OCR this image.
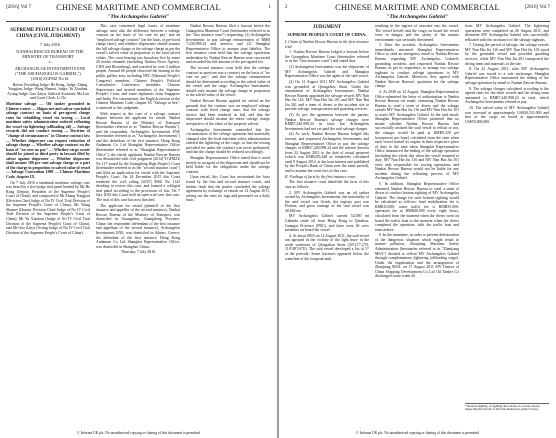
[2016] Vol 7	CHINESE MARITIME AND COMMERCIAL	1
"The Archangelos Gabriel"
SUPREME PEOPLE'S COURT OF CHINA (CIVIL JUDGMENT)

7 July 2016

NANHAI RESCUE BUREAU OF THE MINISTRY OF TRANSPORT

v.

ARCHANGELOS INVESTMENTS ENE ("THE ARCHANGELOS GABRIEL")

[2016] ZGFMZ No 61

Before Presiding Judge: He Rong, Judge: Zhang Yongjian, Judge: Wang Shumei, Judge: Yu Xiaohan, Acting Judge: Guo Zaiyu, Judicial Assistant: Ma Lan and Court Clerk: Li Na

Maritime salvage — Oil tanker grounded in Chinese waters — Shipowner and salvor concluded salvage contract on basis of pre-agreed charge rates for rebuilding vessel via towing — Local maritime safety administration ordered refloating the vessel via lightering (offloading oil) — Salvage rewards did not conduct towing — Doctrine of "change of circumstances" in Chinese contract law — Whether shipowner can request reduction of salvage charge — Whether salvage contract on the basis of "no cure no pay" — Whether cargo owner should be joined as third party in lawsuit filed by salvor against shipowner — Whether shipowner shall assume 100 per cent salvage charge or a part of the charge in proportion to salved value of vessel — Salvage Convention 1989 — Chinese Maritime Code, chapter IX.

On 7 July 2016 a landmark maritime salvage case was heard by a five-judge trial panel headed by Mr He Rong (Deputy President of the Supreme People's Court of China), and composed of Mr Zhang Yongjian (Division Chief Judge of No IV Civil Trial Division of the Supreme People's Court of China), Ms Wang Shumei (Deputy Division Chief Judge of No IV Civil Trial Division of the Supreme People's Court of China), Mr Yu Xiaohan (Judge of No IV Civil Trial Division of the Supreme People's Court of China), and Mr Guo Zaiyu (Acting Judge of No IV Civil Trial Division of the Supreme People's Court of China).

This case concerned legal issues of maritime salvage, inter alia, the difference between a salvage contract on the basis of "no cure no pay" and an "employed salvage contract" (on the basis of pre-fixed charge rates), and whether shipowners should assume the full salvage charge or the salvage charge as per the vessel's salved value in proportion to the total salved values. The court hearing was broadcast live by some 20 media channels (including Xinhua News Agency, CNN and Bloomberg), and watched by over 2 million people. Around 60 people observed the hearing in the public gallery area, including NPC (National People's Congress) members, Chinese People's Political Consultative Conference members, Chinese Supervisors and invited members of the Supreme People's Court, and some diplomats from Singapore and India. For convenience, the English version of the Chinese Maritime Code, chapter IX "Salvage at Sea", is annexed to this judgment.

With respect to the case of a salvage contract dispute between the applicant for retrial, Nanhai Rescue Bureau of the Ministry of Transport (hereinafter referred to as "Nanhai Rescue Bureau"), and the respondent, Archangelos Investments ENE (hereinafter referred to as "Archangelos Investments") and the defendant of the first instance, Hong Kong Andaman Co Ltd Shanghai Representative Office (hereinafter referred to as "Shanghai Representative Office"), the retrial applicant Nanhai Rescue Bureau was dissatisfied with civil judgment [2014] YGFMZZ No 117 issued by the Guangdong High People's Court (hereinafter referred to as the "second instance court") and filed an application for retrial with the Supreme People's Court. On 24 December 2015 this Court rendered the civil ruling [2015] MSZ No 1142 deciding to review this case, and formed a collegial trial panel according to the provisions of law. On 7 July 2016 this Court held an open trial over this case. The trial of this case has now finished.

The applicant for retrial (plaintiff of the first instance and appellee of the second instance), Nanhai Rescue Bureau of the Ministry of Transport, was domiciled in Guangzhou, Guangdong Province, China; the respondent (defendant of the first instance and appellant of the second instance), Archangelos Investments ENE, was domiciled in Athens, Greece; the defendant of the first instance, Hong Kong Andaman Co Ltd Shanghai Representative Office, was domiciled in Shanghai, China.

Thursday, 7 July 2016

Nanhai Rescue Bureau filed a lawsuit before the Guangzhou Maritime Court (hereinafter referred to as the "first instance court") requesting: (1) Archangelos Investments to pay salvage remuneration of RMB 7,240,998.24 and interest; and (2) Shanghai Representative Office to assume joint liability. The first instance court held that the salvage operations undertaken by Nanhai Rescue Bureau were successful and awarded the full amount of the pre-agreed fee.

The second instance court held that the salvage contract in question was a contract on the basis of "no cure no pay", and that the salvage remuneration should be determined according to the salved value of the vessel and the cargo. Archangelos Investments should only assume the salvage charge in proportion to the salved value of the vessel.

Nanhai Rescue Bureau applied for retrial on the grounds that the contract was an employed salvage contract with fixed charge rates, that the salvage service had been rendered in full, and that the shipowner should assume the entire salvage charge irrespective of the value of the property salved.

Archangelos Investments contended that the circumstances of the salvage operation had materially changed after the local maritime safety administration ordered the lightering of the cargo, so that the towing provided for under the contract was never performed, and that the charge should be reduced accordingly.

Shanghai Representative Office stated that it acted merely as an agent of the shipowner and should not be held liable for the obligations under the salvage contract.

Upon retrial, this Court has ascertained the facts found by the first and second instance courts, and further finds that the parties concluded the salvage agreement by exchange of emails on 12 August 2011, setting out the rates for tugs and personnel on a daily basis.

© Informa UK plc. No unauthorised copying or sharing of this document is permitted
2	CHINESE MARITIME AND COMMERCIAL	[2016] Vol 7
"The Archangelos Gabriel"
JUDGMENT
SUPREME PEOPLE'S COURT OF CHINA:

I. Claim of Nanhai Rescue Bureau in the first instance trial

1. Nanhai Rescue Bureau lodged a lawsuit before the Guangzhou Maritime Court (hereinafter referred to as the "first instance court") and stated that:

(1) Archangelos Investments was the shipowner of MV Archangelos Gabriel and Shanghai Representative Office was the agent of the said vessel.

(2) On 12 August 2011 MV Archangelos Gabriel was grounded at Qiongzhou Strait. Under the entrustment of Archangelos Investments, Nanhai Rescue Bureau appointed the salvage vessels MV Nan Hai Jiu 116, MV Nan Hai Jiu 101 and MV Nan Hai Jiu 201 and a team of divers to the accident site to provide salvage, transportation and guarding services.

(3) As per the agreement between the parties, Nanhai Rescue Bureau's salvage charges were RMB7,240,998.24 in total, but Archangelos Investments had not yet paid the said salvage charges.

(4) As such, Nanhai Rescue Bureau lodged this lawsuit, and requested Archangelos Investments and Shanghai Representative Office to pay the salvage charges of RMB7,240,998.24 and the interest thereon from 22 August 2011 to the date of actual payment (which was RMB476,448 as tentatively calculated until 8 August 2012, at the loan interest rate published by the People's Bank of China over the same period), and to assume the court fees of this case.

II. Findings of facts by the first instance court

The first instance court identified the facts of this case as follows:

2. MV Archangelos Gabriel was an oil tanker owned by Archangelos Investments, the nationality of the said vessel was Greek, the registry port was Piraeus, and gross tonnage of the said vessel was 40,682 mt.

MV Archangelos Gabriel carried 54,580 mt Cabinda crude oil from Hong Kong to Qinzhou, Guangxi Province (PRC), and there were 26 crew members on board the vessel.

4. At about 0855 on 12 August 2011, the said vessel ran aground in the vicinity of the light buoy in the north waterway of Qiongzhou Strait (20°21'7.2"N, 110°48'3.6"E). The said vessel developed a list of 3° at the portside. Some fractures appeared below the waterline of the forepeak tank,

resulting in the ingress of seawater into the vessel. The vessel herself and the cargo on board the vessel were in danger, and the safety of the marine environment was seriously threatened.

3. After the accident, Archangelos Investments immediately entrusted Shanghai Representative Office to send an emergency email to Nanhai Rescue Bureau regarding MV Archangelos Gabriel's grounding accident, and requested Nanhai Rescue Bureau, as per its experience, to arrange two salvage tugboats to conduct salvage operations to MV Archangelos Gabriel. Moreover, they agreed with Nanhai Rescue Bureau's quotation for the salvage charge.

4. At 2040 on 12 August, Shanghai Representative Office submitted the letter of authorization to Nanhai Rescue Bureau via email, entrusting Nanhai Rescue Bureau to send a team of divers and the salvage vessels MV Nan Hai Jiu 116 and MV Nan Hai Jiu 101 to assist MV Archangelos Gabriel. In the said email, Shanghai Representative Office promised that no matter whether Nanhai Rescue Bureau had successfully assisted the said vessel to refloat or not, the charges would be paid at RMB5,320 per horsepower per hour) calculated from the time when each vessel started its engine in their respective place of duty to the time when Shanghai Representative Office announced the ending of the salvage operation (including the whole day when the vessel returned to duty. MV Nan Hai Jiu 116 and MV Nan Hai Jiu 101 were only responsible for towing operations, and Nanhai Rescue Bureau would not be liable for any incident during the refloating process of MV Archangelos Gabriel.

5. In addition, Shanghai Representative Office entrusted Nanhai Rescue Bureau to send a team of divers to conduct bottom sighting of MV Archangelos Gabriel. The charge for such bottom sighting would be calculated as follows: land mobilization fee is RMB10,000; water traffic fee is RMB55,000; operation fee at RMB40,000 every eight hours, calculated from the moment when the divers went on board the traffic boat to the moment when the divers completed the operation, with the traffic boat and team ashore.

6. In the meantime, in order to prevent deterioration of the dangerous situation which might result in marine pollution, Zhanjiang Maritime Safety Administration (hereinafter referred to as "Zhanjiang MSA") decided to refloat MV Archangelos Gabriel through complementary lightering (offloading cargo). Under the organisation and the arrangement of Zhanjiang MSA, on 17 August 2011 MV Dancer of China Shipping Development Co Ltd Oil Tanker Co discharged some crude oil

from MV Archangelos Gabriel. The lightering operations were completed on 20 August 2011, and thereafter MV Archangelos Gabriel was successfully refloated with the assistance of the salvage tugboats.

7. During the period of salvage, the salvage vessels MV Nan Hai Jiu 116 and MV Nan Hai Jiu 101 stood by the grounded vessel and provided guarding services, while MV Nan Hai Jiu 201 transported the diving team and materials to the site.

8. On 22 August 2011, after MV Archangelos Gabriel was towed to a safe anchorage, Shanghai Representative Office announced the ending of the salvage operation by email to Nanhai Rescue Bureau.

9. The salvage charges calculated according to the agreed rates for the three vessels and the diving team amounted to RMB7,240,998.24 in total, which Archangelos Investments refused to pay.

10. The salved value of MV Archangelos Gabriel was assessed at approximately US$30,531,000 and that of the cargo on board at approximately US$55,000,000.

* Bottom sighting, or sighting the bottom of a vessel, means inspecting the bottom of the hull underwater (editor's note).
© Informa UK plc. No unauthorised copying or sharing of this document is permitted
